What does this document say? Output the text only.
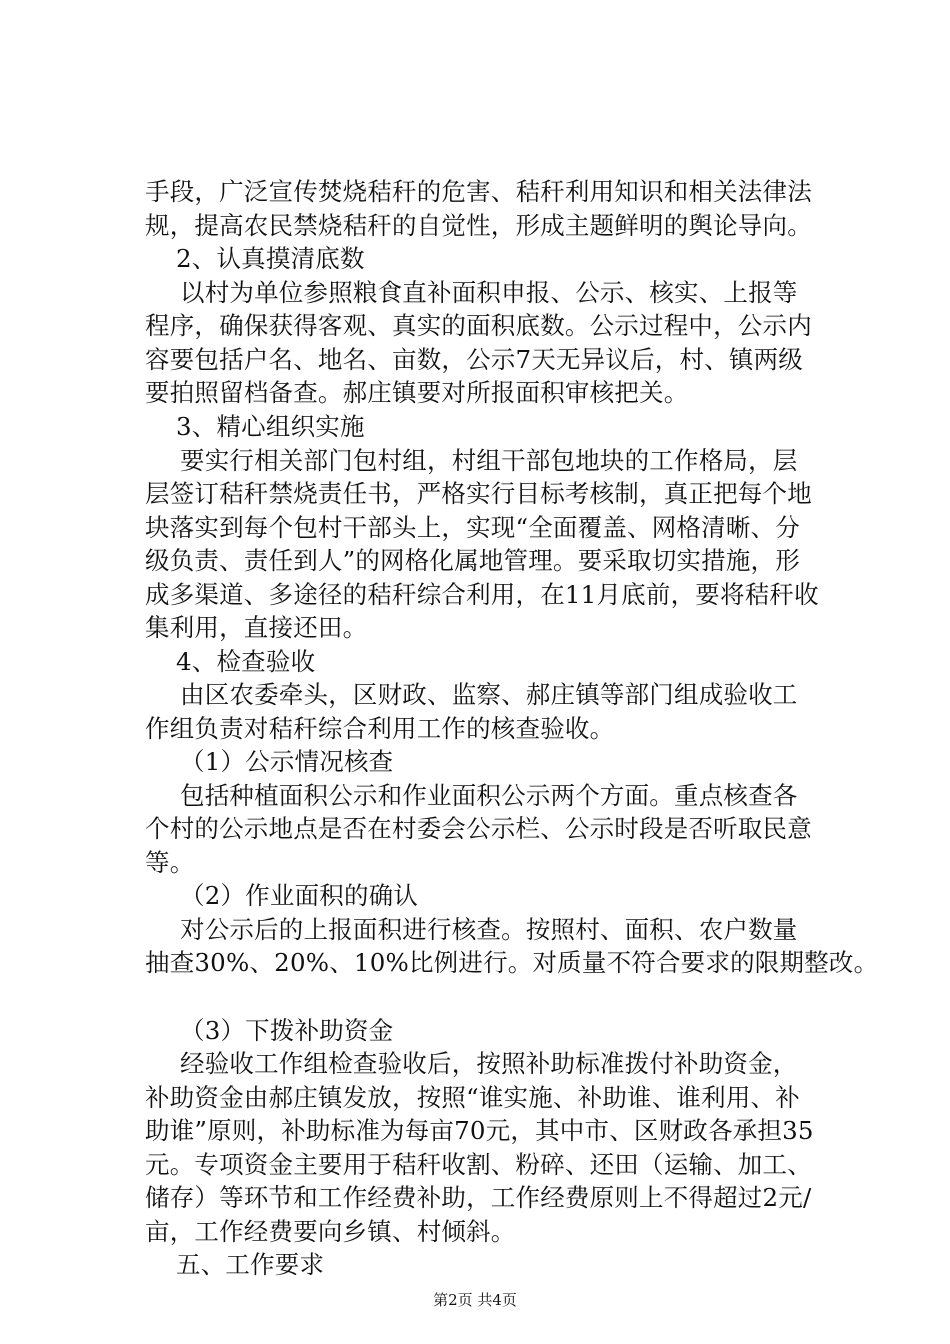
手段，广泛宣传焚烧秸秆的危害、秸秆利用知识和相关法律法
规，提高农民禁烧秸秆的自觉性，形成主题鲜明的舆论导向。
2、认真摸清底数
以村为单位参照粮食直补面积申报、公示、核实、上报等
程序，确保获得客观、真实的面积底数。公示过程中，公示内
容要包括户名、地名、亩数，公示7天无异议后，村、镇两级
要拍照留档备查。郝庄镇要对所报面积审核把关。
3、精心组织实施
要实行相关部门包村组，村组干部包地块的工作格局，层
层签订秸秆禁烧责任书，严格实行目标考核制，真正把每个地
块落实到每个包村干部头上，实现“全面覆盖、网格清晰、分
级负责、责任到人”的网格化属地管理。要采取切实措施，形
成多渠道、多途径的秸秆综合利用，在11月底前，要将秸秆收
集利用，直接还田。
4、检查验收
由区农委牵头，区财政、监察、郝庄镇等部门组成验收工
作组负责对秸秆综合利用工作的核查验收。
（1）公示情况核查
包括种植面积公示和作业面积公示两个方面。重点核查各
个村的公示地点是否在村委会公示栏、公示时段是否听取民意
等。
（2）作业面积的确认
对公示后的上报面积进行核查。按照村、面积、农户数量
抽查30%、20%、10%比例进行。对质量不符合要求的限期整改。
（3）下拨补助资金
经验收工作组检查验收后，按照补助标准拨付补助资金，
补助资金由郝庄镇发放，按照“谁实施、补助谁、谁利用、补
助谁”原则，补助标准为每亩70元，其中市、区财政各承担35
元。专项资金主要用于秸秆收割、粉碎、还田（运输、加工、
储存）等环节和工作经费补助，工作经费原则上不得超过2元/
亩，工作经费要向乡镇、村倾斜。
五、工作要求
第2页 共4页
